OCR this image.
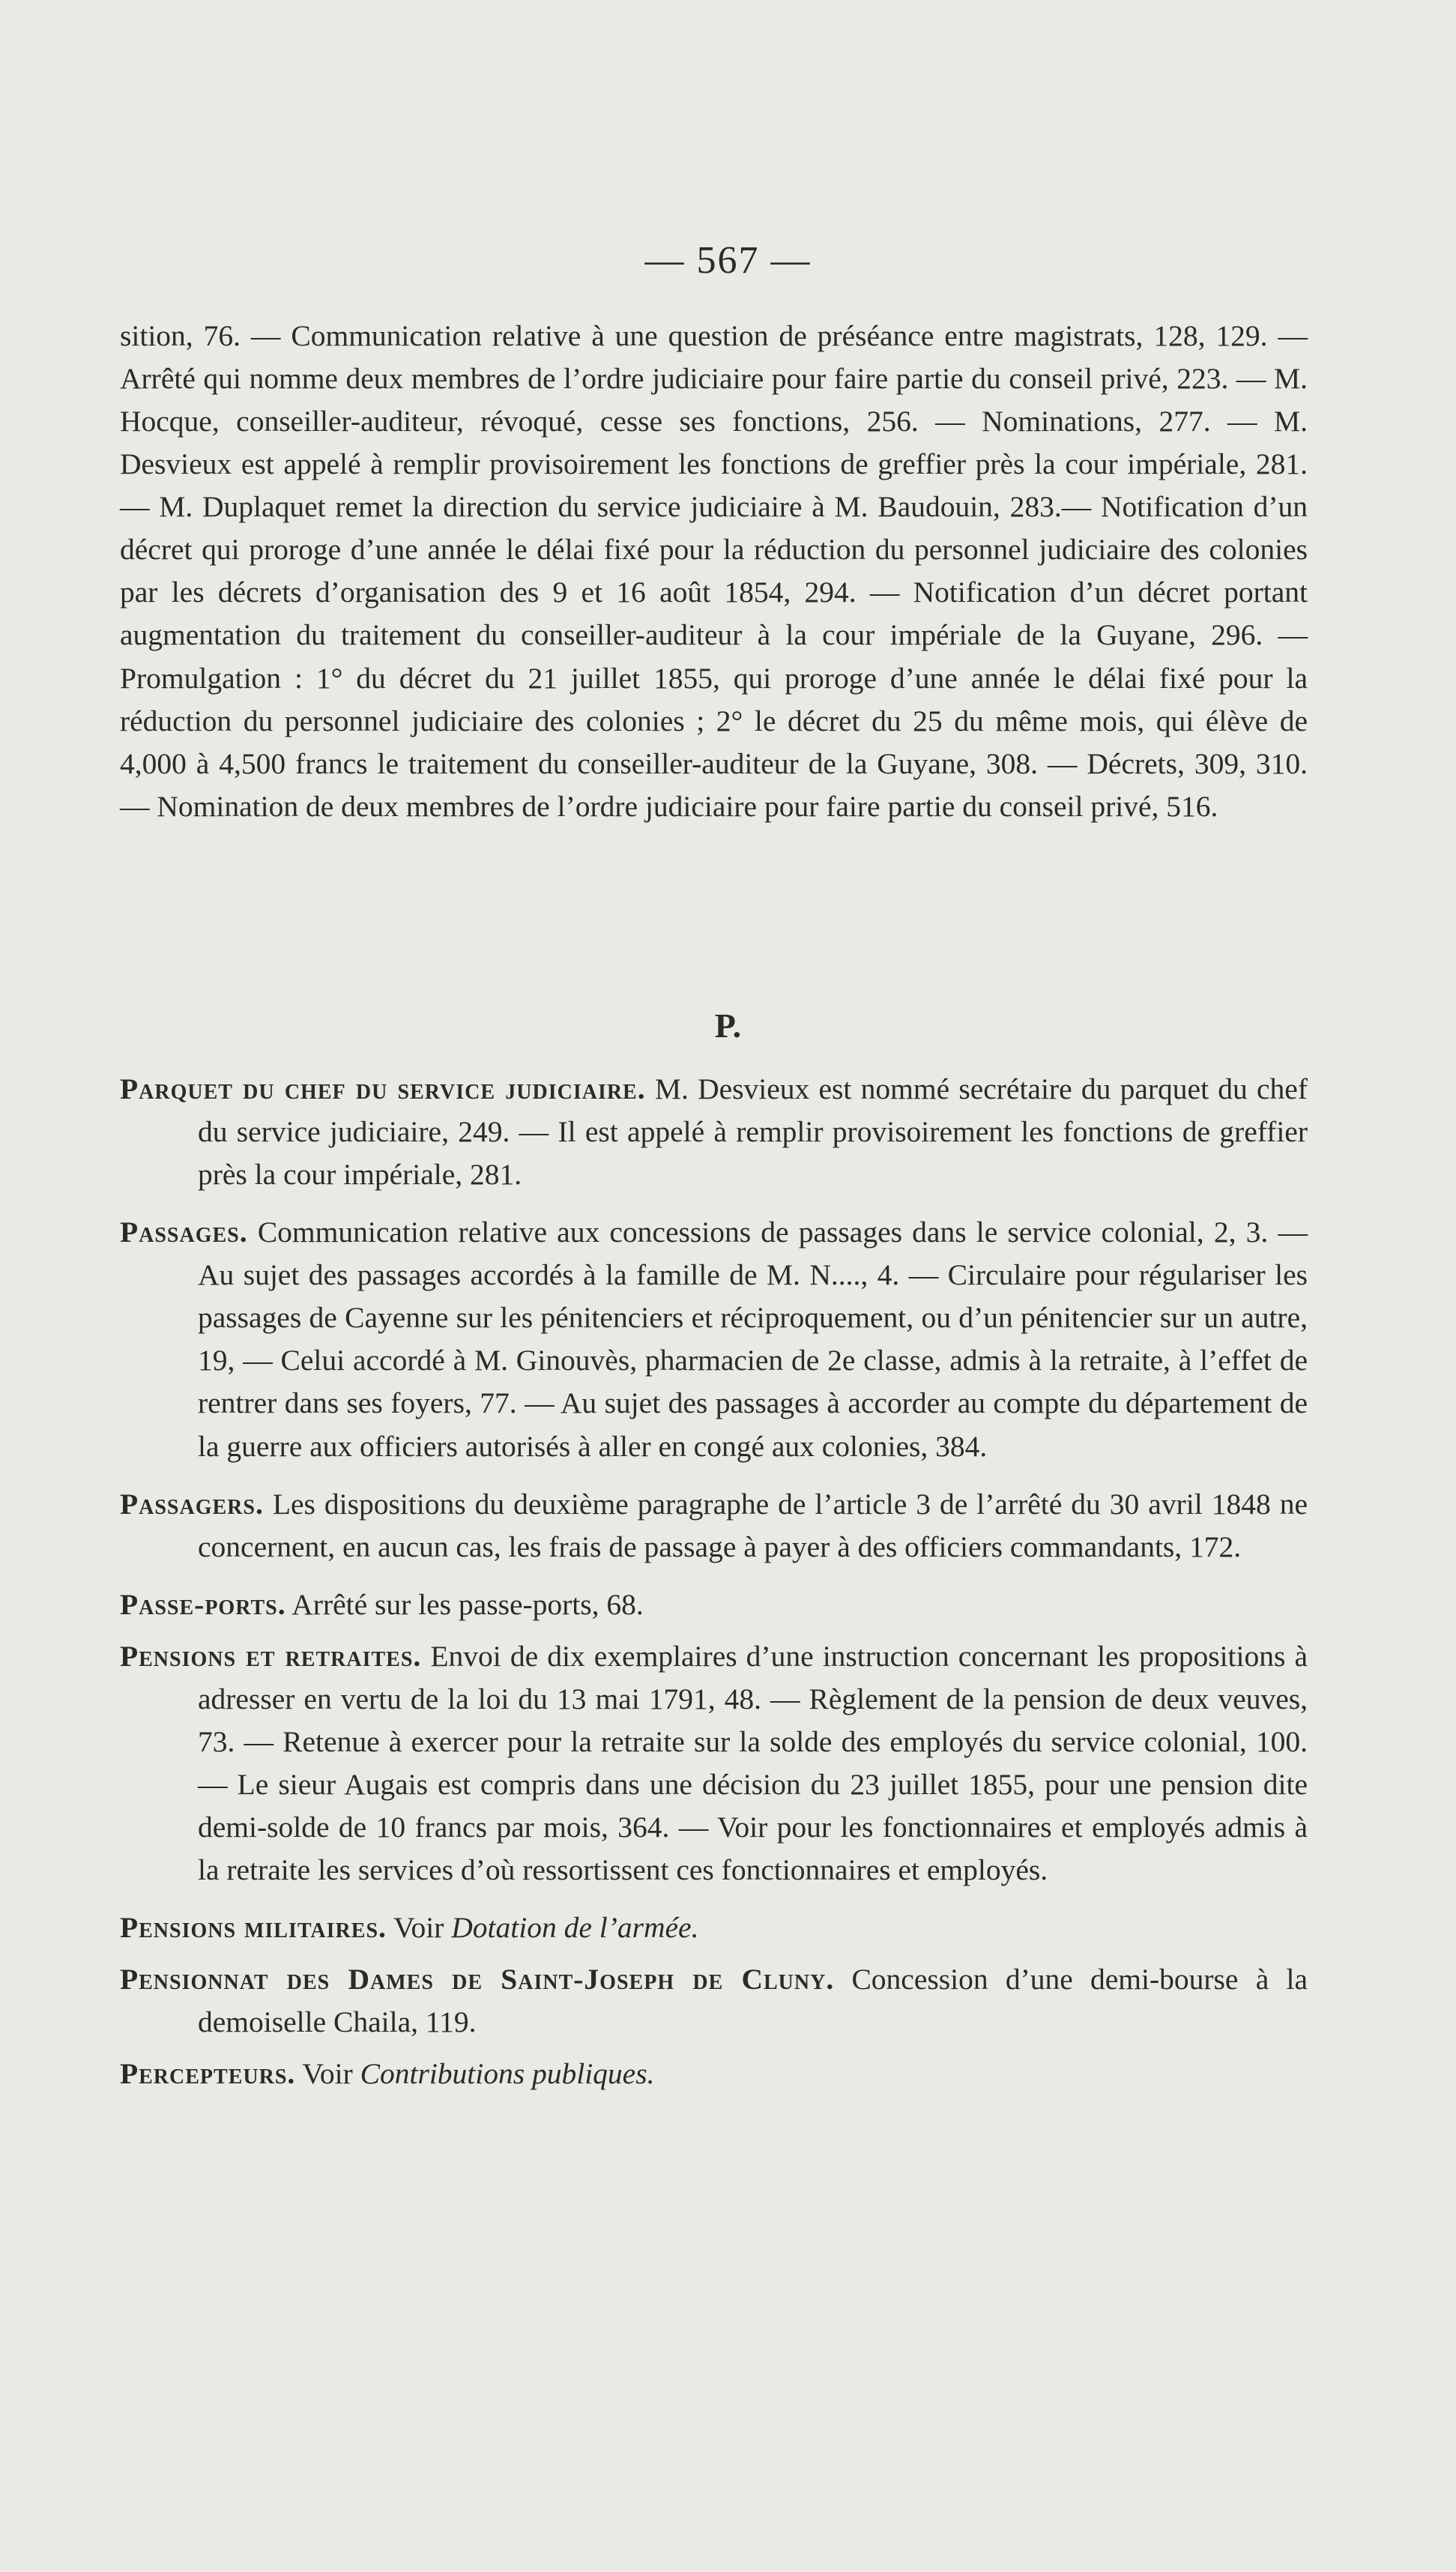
— 567 —

sition, 76. — Communication relative à une question de préséance entre magistrats, 128, 129. — Arrêté qui nomme deux membres de l’ordre judiciaire pour faire partie du conseil privé, 223. — M. Hocque, conseiller-auditeur, révoqué, cesse ses fonctions, 256. — Nominations, 277. — M. Desvieux est appelé à remplir provisoirement les fonctions de greffier près la cour impériale, 281. — M. Duplaquet remet la direction du service judiciaire à M. Baudouin, 283.— Notification d’un décret qui proroge d’une année le délai fixé pour la réduction du personnel judiciaire des colonies par les décrets d’organisation des 9 et 16 août 1854, 294. — Notification d’un décret portant augmentation du traitement du conseiller-auditeur à la cour impériale de la Guyane, 296. — Promulgation : 1° du décret du 21 juillet 1855, qui proroge d’une année le délai fixé pour la réduction du personnel judiciaire des colonies ; 2° le décret du 25 du même mois, qui élève de 4,000 à 4,500 francs le traitement du conseiller-auditeur de la Guyane, 308. — Décrets, 309, 310. — Nomination de deux membres de l’ordre judiciaire pour faire partie du conseil privé, 516.

P.

Parquet du chef du service judiciaire. M. Desvieux est nommé secrétaire du parquet du chef du service judiciaire, 249. — Il est appelé à remplir provisoirement les fonctions de greffier près la cour impériale, 281.

Passages. Communication relative aux concessions de passages dans le service colonial, 2, 3. — Au sujet des passages accordés à la famille de M. N...., 4. — Circulaire pour régulariser les passages de Cayenne sur les pénitenciers et réciproquement, ou d’un pénitencier sur un autre, 19, — Celui accordé à M. Ginouvès, pharmacien de 2e classe, admis à la retraite, à l’effet de rentrer dans ses foyers, 77. — Au sujet des passages à accorder au compte du département de la guerre aux officiers autorisés à aller en congé aux colonies, 384.

Passagers. Les dispositions du deuxième paragraphe de l’article 3 de l’arrêté du 30 avril 1848 ne concernent, en aucun cas, les frais de passage à payer à des officiers commandants, 172.

Passe-ports. Arrêté sur les passe-ports, 68.

Pensions et retraites. Envoi de dix exemplaires d’une instruction concernant les propositions à adresser en vertu de la loi du 13 mai 1791, 48. — Règlement de la pension de deux veuves, 73. — Retenue à exercer pour la retraite sur la solde des employés du service colonial, 100. — Le sieur Augais est compris dans une décision du 23 juillet 1855, pour une pension dite demi-solde de 10 francs par mois, 364. — Voir pour les fonctionnaires et employés admis à la retraite les services d’où ressortissent ces fonctionnaires et employés.

Pensions militaires. Voir Dotation de l’armée.

Pensionnat des Dames de Saint-Joseph de Cluny. Concession d’une demi-bourse à la demoiselle Chaila, 119.

Percepteurs. Voir Contributions publiques.
